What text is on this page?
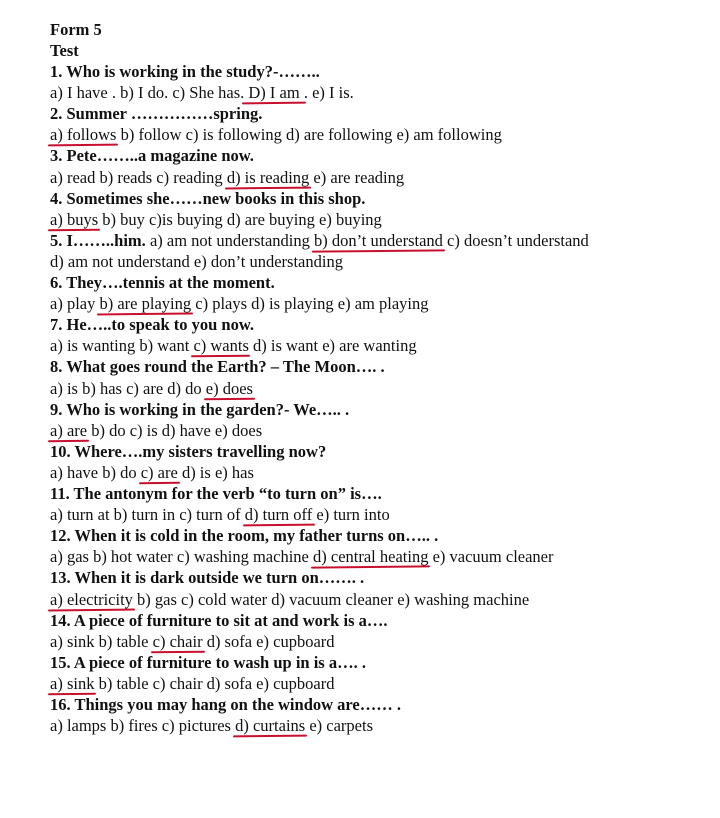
Form 5
Test
1. Who is working in the study?-……..
a) I have . b) I do. c) She has. D) I am . e) I is.
2. Summer ……………spring.
a) follows b) follow c) is following d) are following e) am following
3. Pete……..a magazine now.
a) read b) reads c) reading d) is reading e) are reading
4. Sometimes she……new books in this shop.
a) buys b) buy c)is buying d) are buying e) buying
5. I……..him. a) am not understanding b) don’t understand c) doesn’t understand
d) am not understand e) don’t understanding
6. They….tennis at the moment.
a) play b) are playing c) plays d) is playing e) am playing
7. He…..to speak to you now.
a) is wanting b) want c) wants d) is want e) are wanting
8. What goes round the Earth? – The Moon…. .
a) is b) has c) are d) do e) does
9. Who is working in the garden?- We….. .
a) are b) do c) is d) have e) does
10. Where….my sisters travelling now?
a) have b) do c) are d) is e) has
11. The antonym for the verb “to turn on” is….
a) turn at b) turn in c) turn of d) turn off e) turn into
12. When it is cold in the room, my father turns on….. .
a) gas b) hot water c) washing machine d) central heating e) vacuum cleaner
13. When it is dark outside we turn on……. .
a) electricity b) gas c) cold water d) vacuum cleaner e) washing machine
14. A piece of furniture to sit at and work is a….
a) sink b) table c) chair d) sofa e) cupboard
15. A piece of furniture to wash up in is a…. .
a) sink b) table c) chair d) sofa e) cupboard
16. Things you may hang on the window are…… .
a) lamps b) fires c) pictures d) curtains e) carpets
